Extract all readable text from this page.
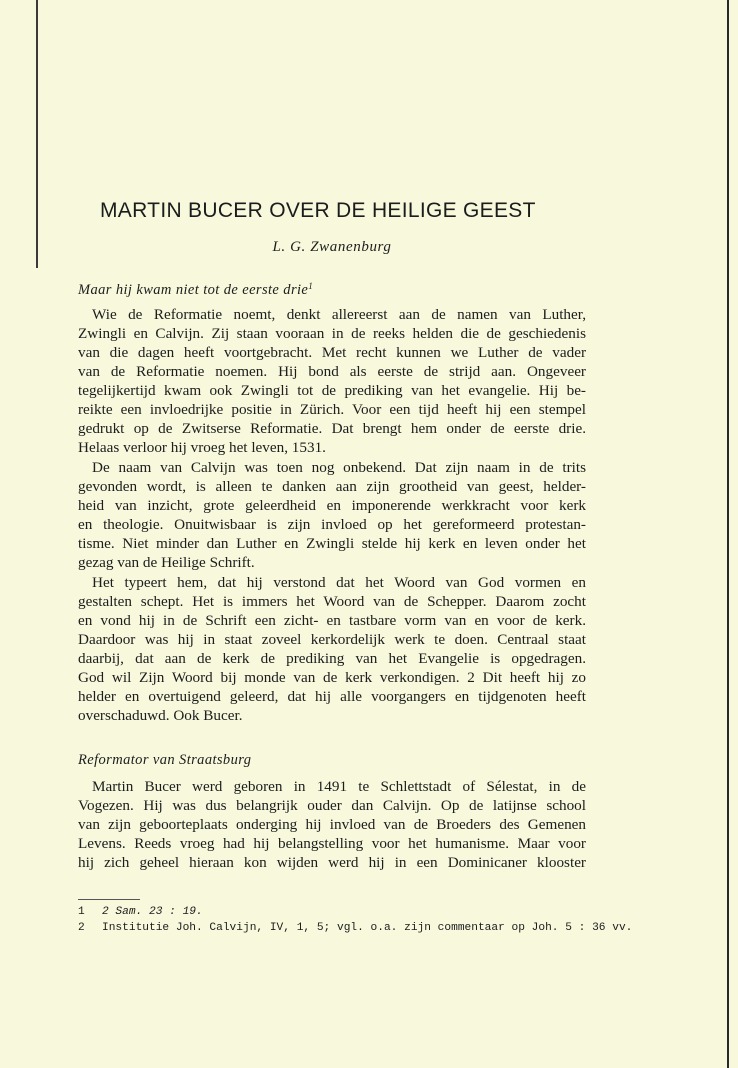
MARTIN BUCER OVER DE HEILIGE GEEST
L. G. Zwanenburg
Maar hij kwam niet tot de eerste drie$^1$
Wie de Reformatie noemt, denkt allereerst aan de namen van Luther,
Zwingli en Calvijn. Zij staan vooraan in de reeks helden die de geschiedenis
van die dagen heeft voortgebracht. Met recht kunnen we Luther de vader
van de Reformatie noemen. Hij bond als eerste de strijd aan. Ongeveer
tegelijkertijd kwam ook Zwingli tot de prediking van het evangelie. Hij be-
reikte een invloedrijke positie in Zürich. Voor een tijd heeft hij een stempel
gedrukt op de Zwitserse Reformatie. Dat brengt hem onder de eerste drie.
Helaas verloor hij vroeg het leven, 1531.
De naam van Calvijn was toen nog onbekend. Dat zijn naam in de trits
gevonden wordt, is alleen te danken aan zijn grootheid van geest, helder-
heid van inzicht, grote geleerdheid en imponerende werkkracht voor kerk
en theologie. Onuitwisbaar is zijn invloed op het gereformeerd protestan-
tisme. Niet minder dan Luther en Zwingli stelde hij kerk en leven onder het
gezag van de Heilige Schrift.
Het typeert hem, dat hij verstond dat het Woord van God vormen en
gestalten schept. Het is immers het Woord van de Schepper. Daarom zocht
en vond hij in de Schrift een zicht- en tastbare vorm van en voor de kerk.
Daardoor was hij in staat zoveel kerkordelijk werk te doen. Centraal staat
daarbij, dat aan de kerk de prediking van het Evangelie is opgedragen.
God wil Zijn Woord bij monde van de kerk verkondigen. 2 Dit heeft hij zo
helder en overtuigend geleerd, dat hij alle voorgangers en tijdgenoten heeft
overschaduwd. Ook Bucer.
Reformator van Straatsburg
Martin Bucer werd geboren in 1491 te Schlettstadt of Sélestat, in de
Vogezen. Hij was dus belangrijk ouder dan Calvijn. Op de latijnse school
van zijn geboorteplaats onderging hij invloed van de Broeders des Gemenen
Levens. Reeds vroeg had hij belangstelling voor het humanisme. Maar voor
hij zich geheel hieraan kon wijden werd hij in een Dominicaner klooster
1 2 Sam. 23 : 19.
2 Institutie Joh. Calvijn, IV, 1, 5; vgl. o.a. zijn commentaar op Joh. 5 : 36 vv.
